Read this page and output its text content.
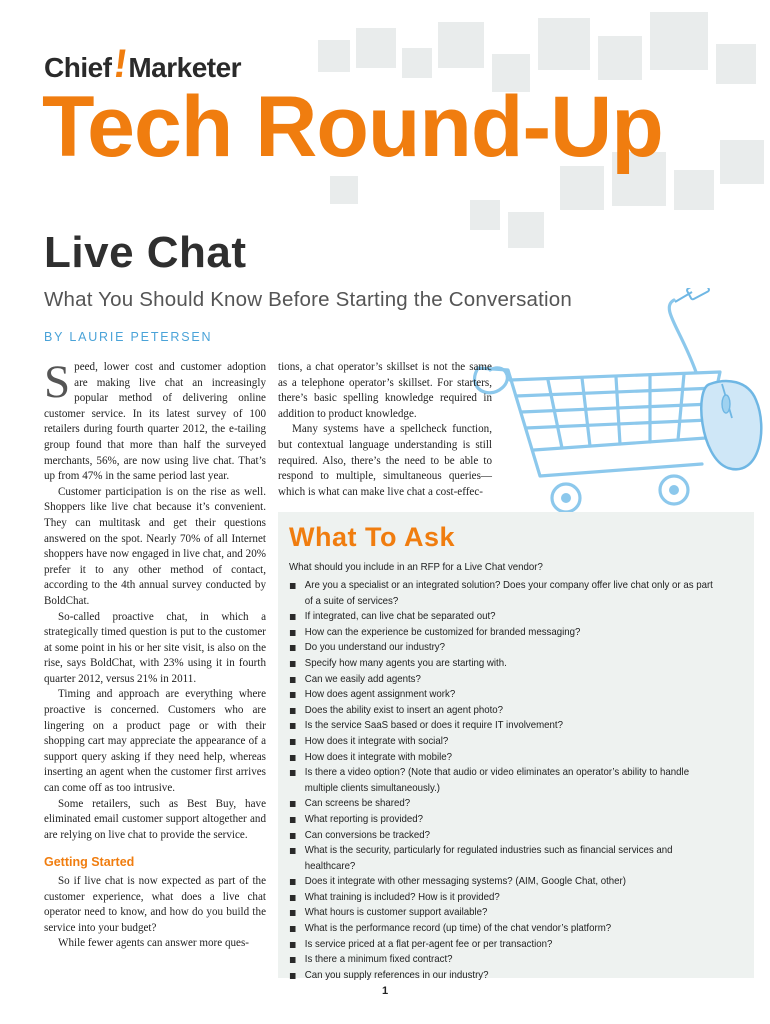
Chief!Marketer
Tech Round-Up
Live Chat
What You Should Know Before Starting the Conversation
BY LAURIE PETERSEN

Speed, lower cost and customer adoption are making live chat an increasingly popular method of delivering online customer service. In its latest survey of 100 retailers during fourth quarter 2012, the e-tailing group found that more than half the surveyed merchants, 56%, are now using live chat. That’s up from 47% in the same period last year.

Customer participation is on the rise as well. Shoppers like live chat because it’s convenient. They can multitask and get their questions answered on the spot. Nearly 70% of all Internet shoppers have now engaged in live chat, and 20% prefer it to any other method of contact, according to the 4th annual survey conducted by BoldChat.

So-called proactive chat, in which a strategically timed question is put to the customer at some point in his or her site visit, is also on the rise, says BoldChat, with 23% using it in fourth quarter 2012, versus 21% in 2011.

Timing and approach are everything where proactive is concerned. Customers who are lingering on a product page or with their shopping cart may appreciate the appearance of a support query asking if they need help, whereas inserting an agent when the customer first arrives can come off as too intrusive.

Some retailers, such as Best Buy, have eliminated email customer support altogether and are relying on live chat to provide the service.

Getting Started

So if live chat is now expected as part of the customer experience, what does a live chat operator need to know, and how do you build the service into your budget?

While fewer agents can answer more ques-

tions, a chat operator’s skillset is not the same as a telephone operator’s skillset. For starters, there’s basic spelling knowledge required in addition to product knowledge.

Many systems have a spellcheck function, but contextual language understanding is still required. Also, there’s the need to be able to respond to multiple, simultaneous queries—which is what can make live chat a cost-effec-

What To Ask
What should you include in an RFP for a Live Chat vendor?
Are you a specialist or an integrated solution? Does your company offer live chat only or as part of a suite of services?
If integrated, can live chat be separated out?
How can the experience be customized for branded messaging?
Do you understand our industry?
Specify how many agents you are starting with.
Can we easily add agents?
How does agent assignment work?
Does the ability exist to insert an agent photo?
Is the service SaaS based or does it require IT involvement?
How does it integrate with social?
How does it integrate with mobile?
Is there a video option? (Note that audio or video eliminates an operator’s ability to handle multiple clients simultaneously.)
Can screens be shared?
What reporting is provided?
Can conversions be tracked?
What is the security, particularly for regulated industries such as financial services and healthcare?
Does it integrate with other messaging systems? (AIM, Google Chat, other)
What training is included? How is it provided?
What hours is customer support available?
What is the performance record (up time) of the chat vendor’s platform?
Is service priced at a flat per-agent fee or per transaction?
Is there a minimum fixed contract?
Can you supply references in our industry?
1
